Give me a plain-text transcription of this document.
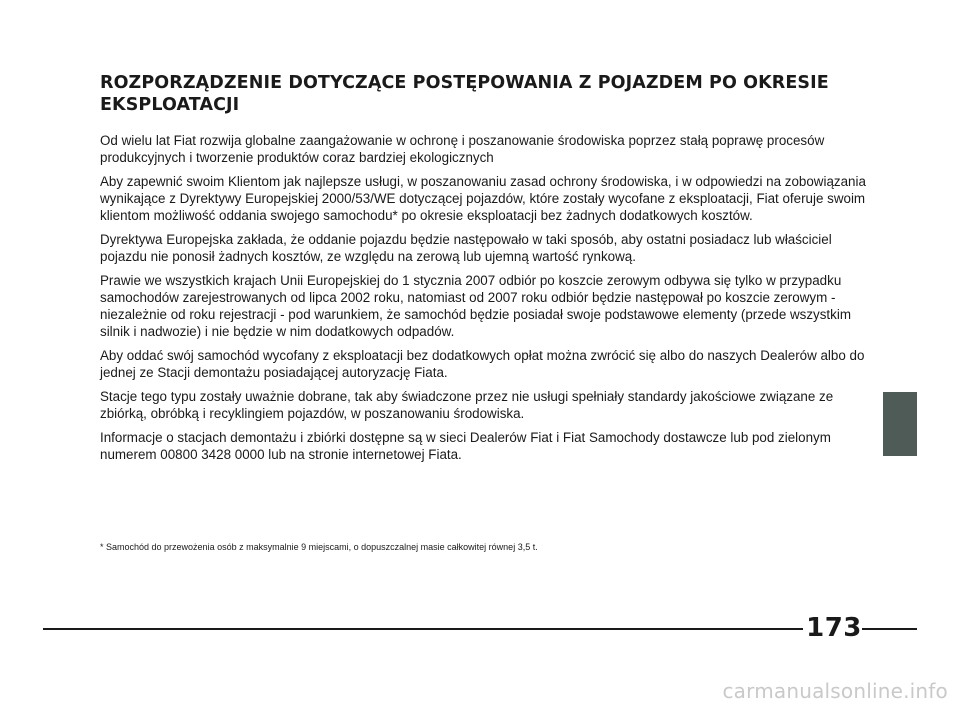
ROZPORZĄDZENIE DOTYCZĄCE POSTĘPOWANIA Z POJAZDEM PO OKRESIE EKSPLOATACJI

Od wielu lat Fiat rozwija globalne zaangażowanie w ochronę i poszanowanie środowiska poprzez stałą poprawę procesów produkcyjnych i tworzenie produktów coraz bardziej ekologicznych

Aby zapewnić swoim Klientom jak najlepsze usługi, w poszanowaniu zasad ochrony środowiska, i w odpowiedzi na zobowiązania wynikające z Dyrektywy Europejskiej 2000/53/WE dotyczącej pojazdów, które zostały wycofane z eksploatacji, Fiat oferuje swoim klientom możliwość oddania swojego samochodu* po okresie eksploatacji bez żadnych dodatkowych kosztów.

Dyrektywa Europejska zakłada, że oddanie pojazdu będzie następowało w taki sposób, aby ostatni posiadacz lub właściciel pojazdu nie ponosił żadnych kosztów, ze względu na zerową lub ujemną wartość rynkową.

Prawie we wszystkich krajach Unii Europejskiej do 1 stycznia 2007 odbiór po koszcie zerowym odbywa się tylko w przypadku samochodów zarejestrowanych od lipca 2002 roku, natomiast od 2007 roku odbiór będzie następował po koszcie zerowym - niezależnie od roku rejestracji - pod warunkiem, że samochód będzie posiadał swoje podstawowe elementy (przede wszystkim silnik i nadwozie) i nie będzie w nim dodatkowych odpadów.

Aby oddać swój samochód wycofany z eksploatacji bez dodatkowych opłat można zwrócić się albo do naszych Dealerów albo do jednej ze Stacji demontażu posiadającej autoryzację Fiata.

Stacje tego typu zostały uważnie dobrane, tak aby świadczone przez nie usługi spełniały standardy jakościowe związane ze zbiórką, obróbką i recyklingiem pojazdów, w poszanowaniu środowiska.

Informacje o stacjach demontażu i zbiórki dostępne są w sieci Dealerów Fiat i Fiat Samochody dostawcze lub pod zielonym numerem 00800 3428 0000 lub na stronie internetowej Fiata.

* Samochód do przewożenia osób z maksymalnie 9 miejscami, o dopuszczalnej masie całkowitej równej 3,5 t.

173
carmanualsonline.info
